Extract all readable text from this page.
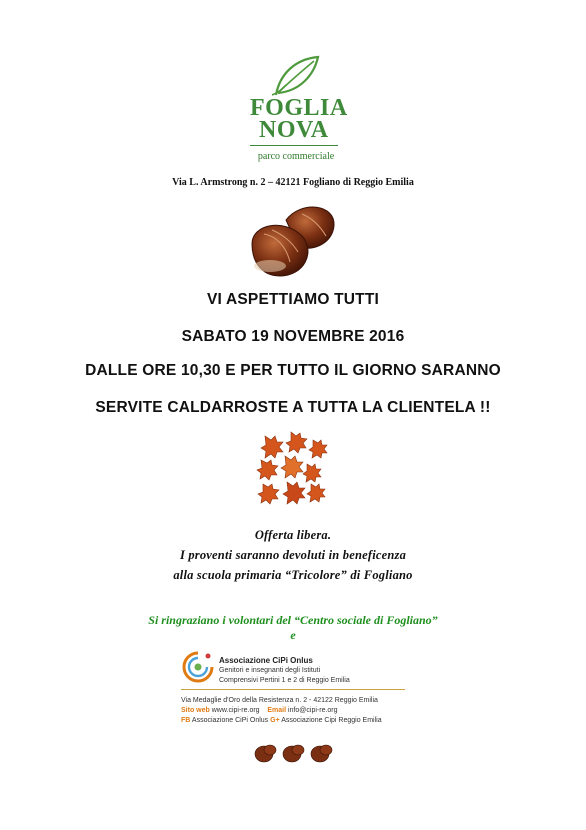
FOGLIA
NOVA
parco commerciale
Via L. Armstrong n. 2 – 42121 Fogliano di Reggio Emilia
VI ASPETTIAMO TUTTI
SABATO 19 NOVEMBRE 2016
DALLE ORE 10,30 E PER TUTTO IL GIORNO SARANNO
SERVITE CALDARROSTE A TUTTA LA CLIENTELA !!
Offerta libera.
I proventi saranno devoluti in beneficenza
alla scuola primaria “Tricolore” di Fogliano
Si ringraziano i volontari del “Centro sociale di Fogliano”
e
Associazione CiPi Onlus
Genitori e insegnanti degli Istituti
Comprensivi Pertini 1 e 2 di Reggio Emilia
Via Medaglie d'Oro della Resistenza n. 2 - 42122 Reggio Emilia
Sito web www.cipi-re.org Email info@cipi-re.org
FB Associazione CiPi Onlus G+ Associazione Cipi Reggio Emilia
